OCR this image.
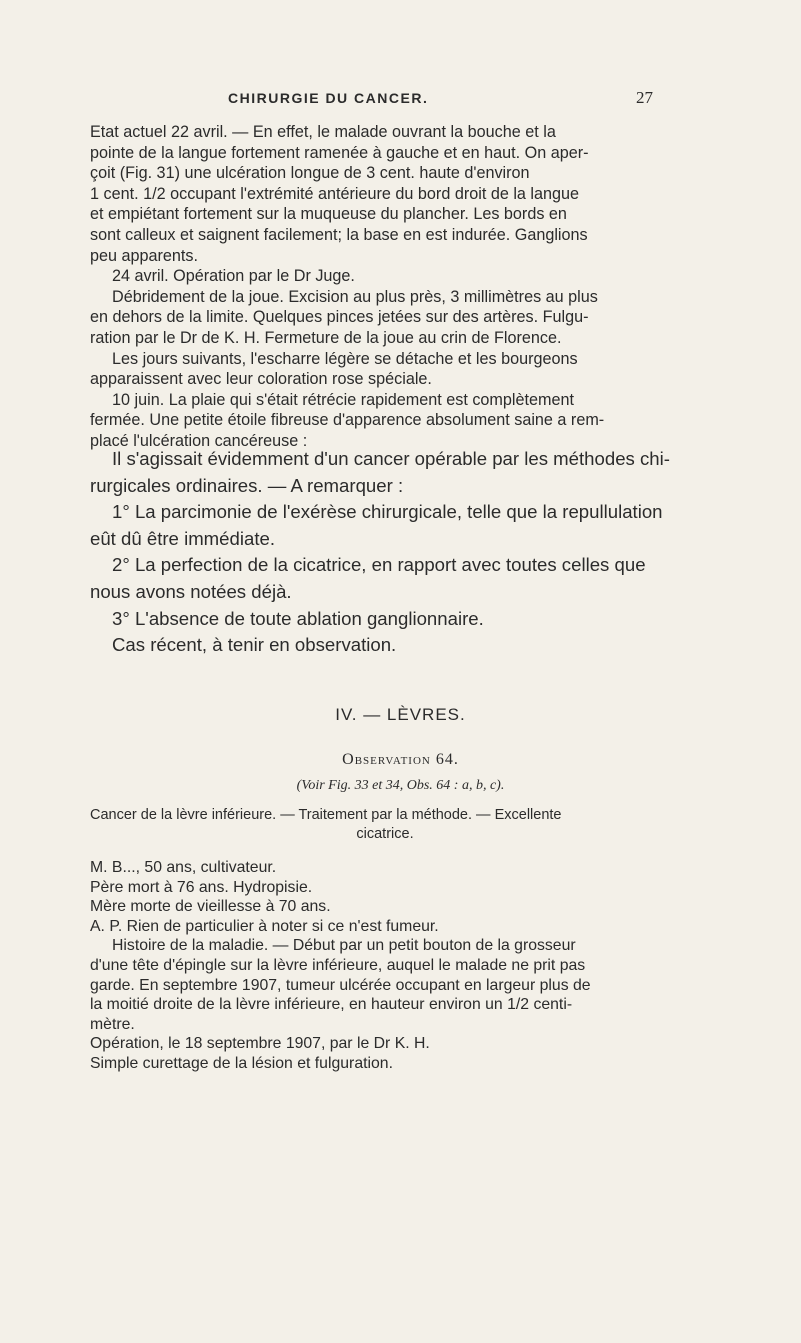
CHIRURGIE DU CANCER.	27
Etat actuel 22 avril. — En effet, le malade ouvrant la bouche et la
pointe de la langue fortement ramenée à gauche et en haut. On aper-
çoit (Fig. 31) une ulcération longue de 3 cent. haute d'environ
1 cent. 1/2 occupant l'extrémité antérieure du bord droit de la langue
et empiétant fortement sur la muqueuse du plancher. Les bords en
sont calleux et saignent facilement; la base en est indurée. Ganglions
peu apparents.
24 avril. Opération par le Dr Juge.
Débridement de la joue. Excision au plus près, 3 millimètres au plus
en dehors de la limite. Quelques pinces jetées sur des artères. Fulgu-
ration par le Dr de K. H. Fermeture de la joue au crin de Florence.
Les jours suivants, l'escharre légère se détache et les bourgeons
apparaissent avec leur coloration rose spéciale.
10 juin. La plaie qui s'était rétrécie rapidement est complètement
fermée. Une petite étoile fibreuse d'apparence absolument saine a rem-
placé l'ulcération cancéreuse :
Il s'agissait évidemment d'un cancer opérable par les méthodes chi-
rurgicales ordinaires. — A remarquer :
1° La parcimonie de l'exérèse chirurgicale, telle que la repullulation
eût dû être immédiate.
2° La perfection de la cicatrice, en rapport avec toutes celles que
nous avons notées déjà.
3° L'absence de toute ablation ganglionnaire.
Cas récent, à tenir en observation.
IV. — LÈVRES.
Observation 64.
(Voir Fig. 33 et 34, Obs. 64 : a, b, c).
Cancer de la lèvre inférieure. — Traitement par la méthode. — Excellente
cicatrice.
M. B..., 50 ans, cultivateur.
Père mort à 76 ans. Hydropisie.
Mère morte de vieillesse à 70 ans.
A. P. Rien de particulier à noter si ce n'est fumeur.
Histoire de la maladie. — Début par un petit bouton de la grosseur
d'une tête d'épingle sur la lèvre inférieure, auquel le malade ne prit pas
garde. En septembre 1907, tumeur ulcérée occupant en largeur plus de
la moitié droite de la lèvre inférieure, en hauteur environ un 1/2 centi-
mètre.
Opération, le 18 septembre 1907, par le Dr K. H.
Simple curettage de la lésion et fulguration.
